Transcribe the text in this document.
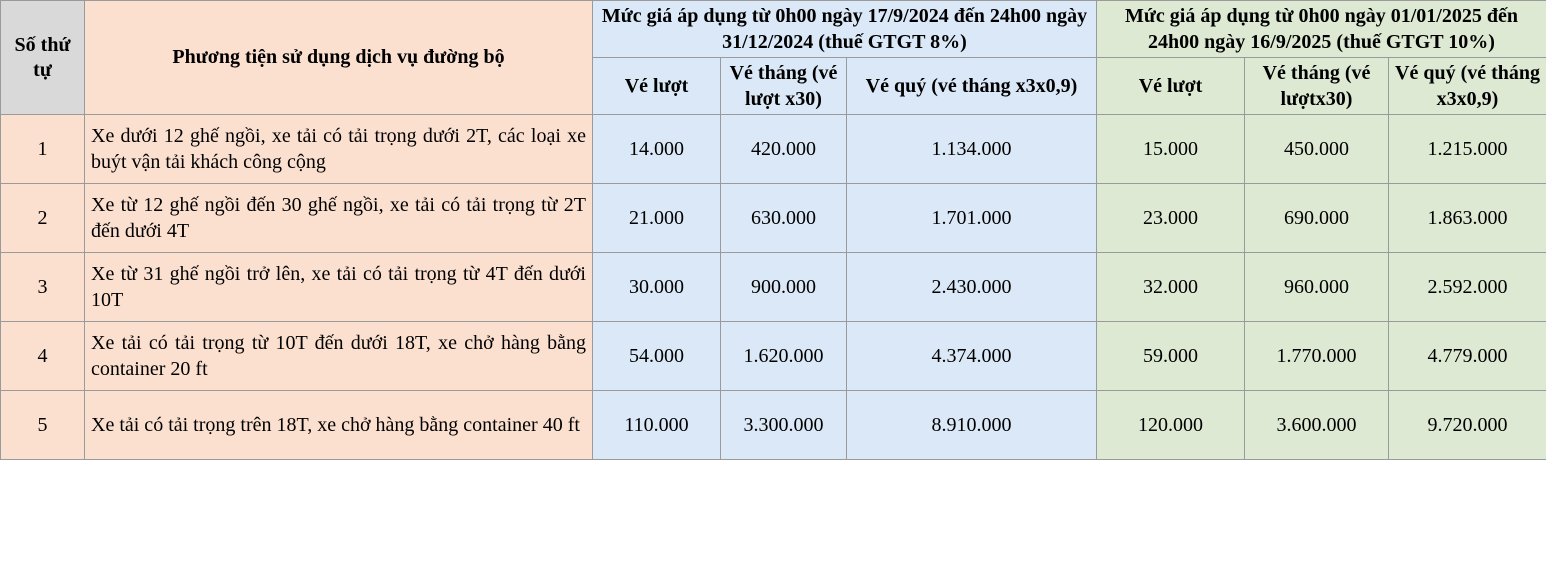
Số thứ tự	Phương tiện sử dụng dịch vụ đường bộ	Mức giá áp dụng từ 0h00 ngày 17/9/2024 đến 24h00 ngày 31/12/2024 (thuế GTGT 8%)			Mức giá áp dụng từ 0h00 ngày 01/01/2025 đến 24h00 ngày 16/9/2025 (thuế GTGT 10%)		
		Vé lượt	Vé tháng (vé lượt x30)	Vé quý (vé tháng x3x0,9)	Vé lượt	Vé tháng (vé lượtx30)	Vé quý (vé tháng x3x0,9)
1	Xe dưới 12 ghế ngồi, xe tải có tải trọng dưới 2T, các loại xe buýt vận tải khách công cộng	14.000	420.000	1.134.000	15.000	450.000	1.215.000
2	Xe từ 12 ghế ngồi đến 30 ghế ngồi, xe tải có tải trọng từ 2T đến dưới 4T	21.000	630.000	1.701.000	23.000	690.000	1.863.000
3	Xe từ 31 ghế ngồi trở lên, xe tải có tải trọng từ 4T đến dưới 10T	30.000	900.000	2.430.000	32.000	960.000	2.592.000
4	Xe tải có tải trọng từ 10T đến dưới 18T, xe chở hàng bằng container 20 ft	54.000	1.620.000	4.374.000	59.000	1.770.000	4.779.000
5	Xe tải có tải trọng trên 18T, xe chở hàng bằng container 40 ft	110.000	3.300.000	8.910.000	120.000	3.600.000	9.720.000
